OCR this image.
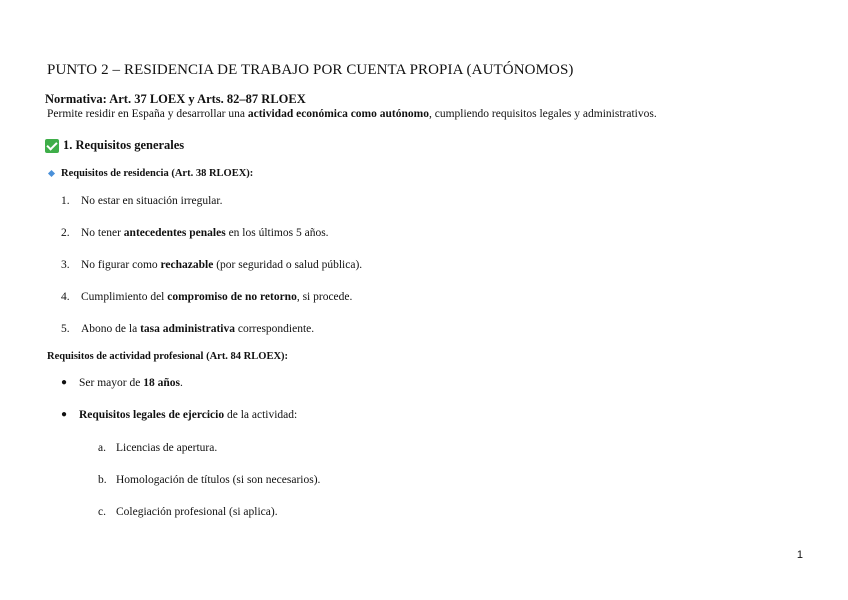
PUNTO 2 – RESIDENCIA DE TRABAJO POR CUENTA PROPIA (AUTÓNOMOS)
Normativa: Art. 37 LOEX y Arts. 82–87 RLOEX
Permite residir en España y desarrollar una actividad económica como autónomo, cumpliendo requisitos legales y administrativos.
1. Requisitos generales
Requisitos de residencia (Art. 38 RLOEX):
1. No estar en situación irregular.
2. No tener antecedentes penales en los últimos 5 años.
3. No figurar como rechazable (por seguridad o salud pública).
4. Cumplimiento del compromiso de no retorno, si procede.
5. Abono de la tasa administrativa correspondiente.
Requisitos de actividad profesional (Art. 84 RLOEX):
●	Ser mayor de 18 años.
●	Requisitos legales de ejercicio de la actividad:
a. Licencias de apertura.
b. Homologación de títulos (si son necesarios).
c. Colegiación profesional (si aplica).
1
